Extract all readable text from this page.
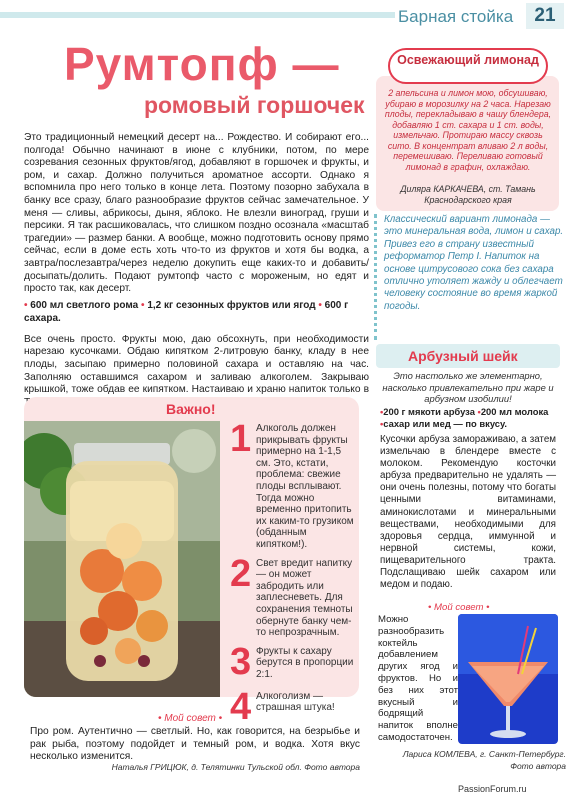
Барная стойка	21
Румтопф —
ромовый горшочек

Это традиционный немецкий десерт на... Рождество. И собирают его... полгода! Обычно начинают в июне с клубники, потом, по мере созревания сезонных фруктов/ягод, добавляют в горшочек и фрукты, и ром, и сахар. Должно получиться ароматное ассорти. Однако я вспомнила про него только в конце лета. Поэтому позорно забухала в банку все сразу, благо разнообразие фруктов сейчас замечательное. У меня — сливы, абрикосы, дыня, яблоко. Не влезли виноград, груши и персики. Я так расшиковалась, что слишком поздно осознала «масштаб трагедии» — размер банки. А вообще, можно подготовить основу прямо сейчас, если в доме есть хоть что-то из фруктов и хотя бы водка, а завтра/послезавтра/через неделю докупить еще каких-то и добавить/досыпать/долить. Подают румтопф часто с мороженым, но едят и просто так, как десерт.

• 600 мл светлого рома • 1,2 кг сезонных фруктов или ягод • 600 г сахара.

Все очень просто. Фрукты мою, даю обсохнуть, при необходимости нарезаю кусочками. Обдаю кипятком 2-литровую банку, кладу в нее плоды, засыпаю примерно половиной сахара и оставляю на час. Заполняю оставшимся сахаром и заливаю алкоголем. Закрываю крышкой, тоже обдав ее кипятком. Настаиваю и храню напиток только в

Важно!
1 Алкоголь должен прикрывать фрукты примерно на 1-1,5 см. Это, кстати, проблема: свежие плоды всплывают. Тогда можно временно притопить их каким-то грузиком (обданным кипятком!).
2 Свет вредит напитку — он может забродить или заплесневеть. Для сохранения темноты обернуте банку чем-то непрозрачным.
3 Фрукты к сахару берутся в пропорции 2:1.
4 Алкоголизм — страшная штука!
• Мой совет •

Про ром. Аутентично — светлый. Но, как говорится, на безрыбье и рак рыба, поэтому подойдет и темный ром, и водка. Хотя вкус несколько изменится.

Наталья ГРИЦЮК, д. Телятинки Тульской обл. Фото автора
Освежающий лимонад

2 апельсина и лимон мою, обсушиваю, убираю в морозилку на 2 часа. Нарезаю плоды, перекладываю в чашу блендера, добавляю 1 ст. сахара и 1 ст. воды, измельчаю. Протираю массу сквозь сито. В концентрат вливаю 2 л воды, перемешиваю. Переливаю готовый лимонад в графин, охлаждаю.

Диляра КАРКАЧЕВА, ст. Тамань Краснодарского края

Классический вариант лимонада — это минеральная вода, лимон и сахар. Привез его в страну известный реформатор Петр I. Напиток на основе цитрусового сока без сахара отлично утоляет жажду и облегчает человеку состояние во время жаркой погоды.

Арбузный шейк

Это настолько же элементарно, насколько привлекательно при жаре и арбузном изобилии!

•200 г мякоти арбуза •200 мл молока •сахар или мед — по вкусу.

Кусочки арбуза замораживаю, а затем измельчаю в блендере вместе с молоком. Рекомендую косточки арбуза предварительно не удалять — они очень полезны, потому что богаты ценными витаминами, аминокислотами и минеральными веществами, необходимыми для здоровья сердца, иммунной и нервной системы, кожи, пищеварительного тракта. Подслащиваю шейк сахаром или медом и подаю.

• Мой совет •

Можно разнообразить коктейль добавлением других ягод и фруктов. Но и без них этот вкусный и бодрящий напиток вполне самодостаточен.

Лариса КОМЛЕВА, г. Санкт-Петербург. Фото автора
PassionForum.ru
